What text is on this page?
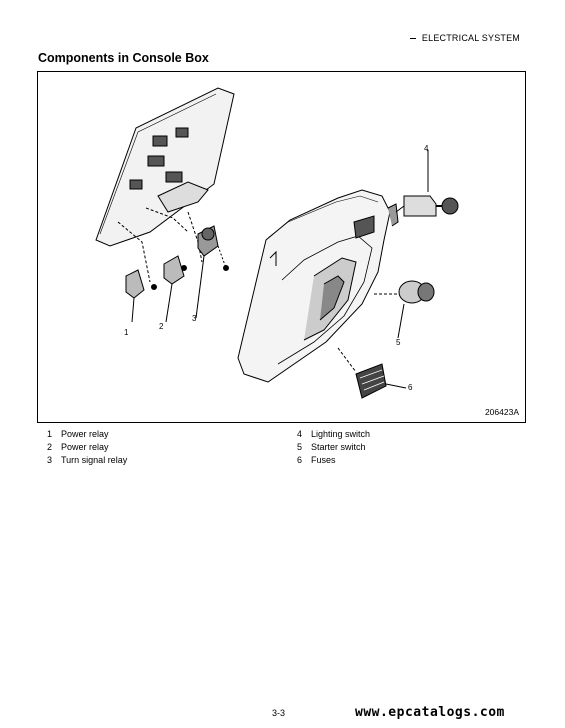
ELECTRICAL SYSTEM
Components in Console Box
1
2
3
4
5
6
206423A
1 Power relay
2 Power relay
3 Turn signal relay
4 Lighting switch
5 Starter switch
6 Fuses
3-3	www.epcatalogs.com
